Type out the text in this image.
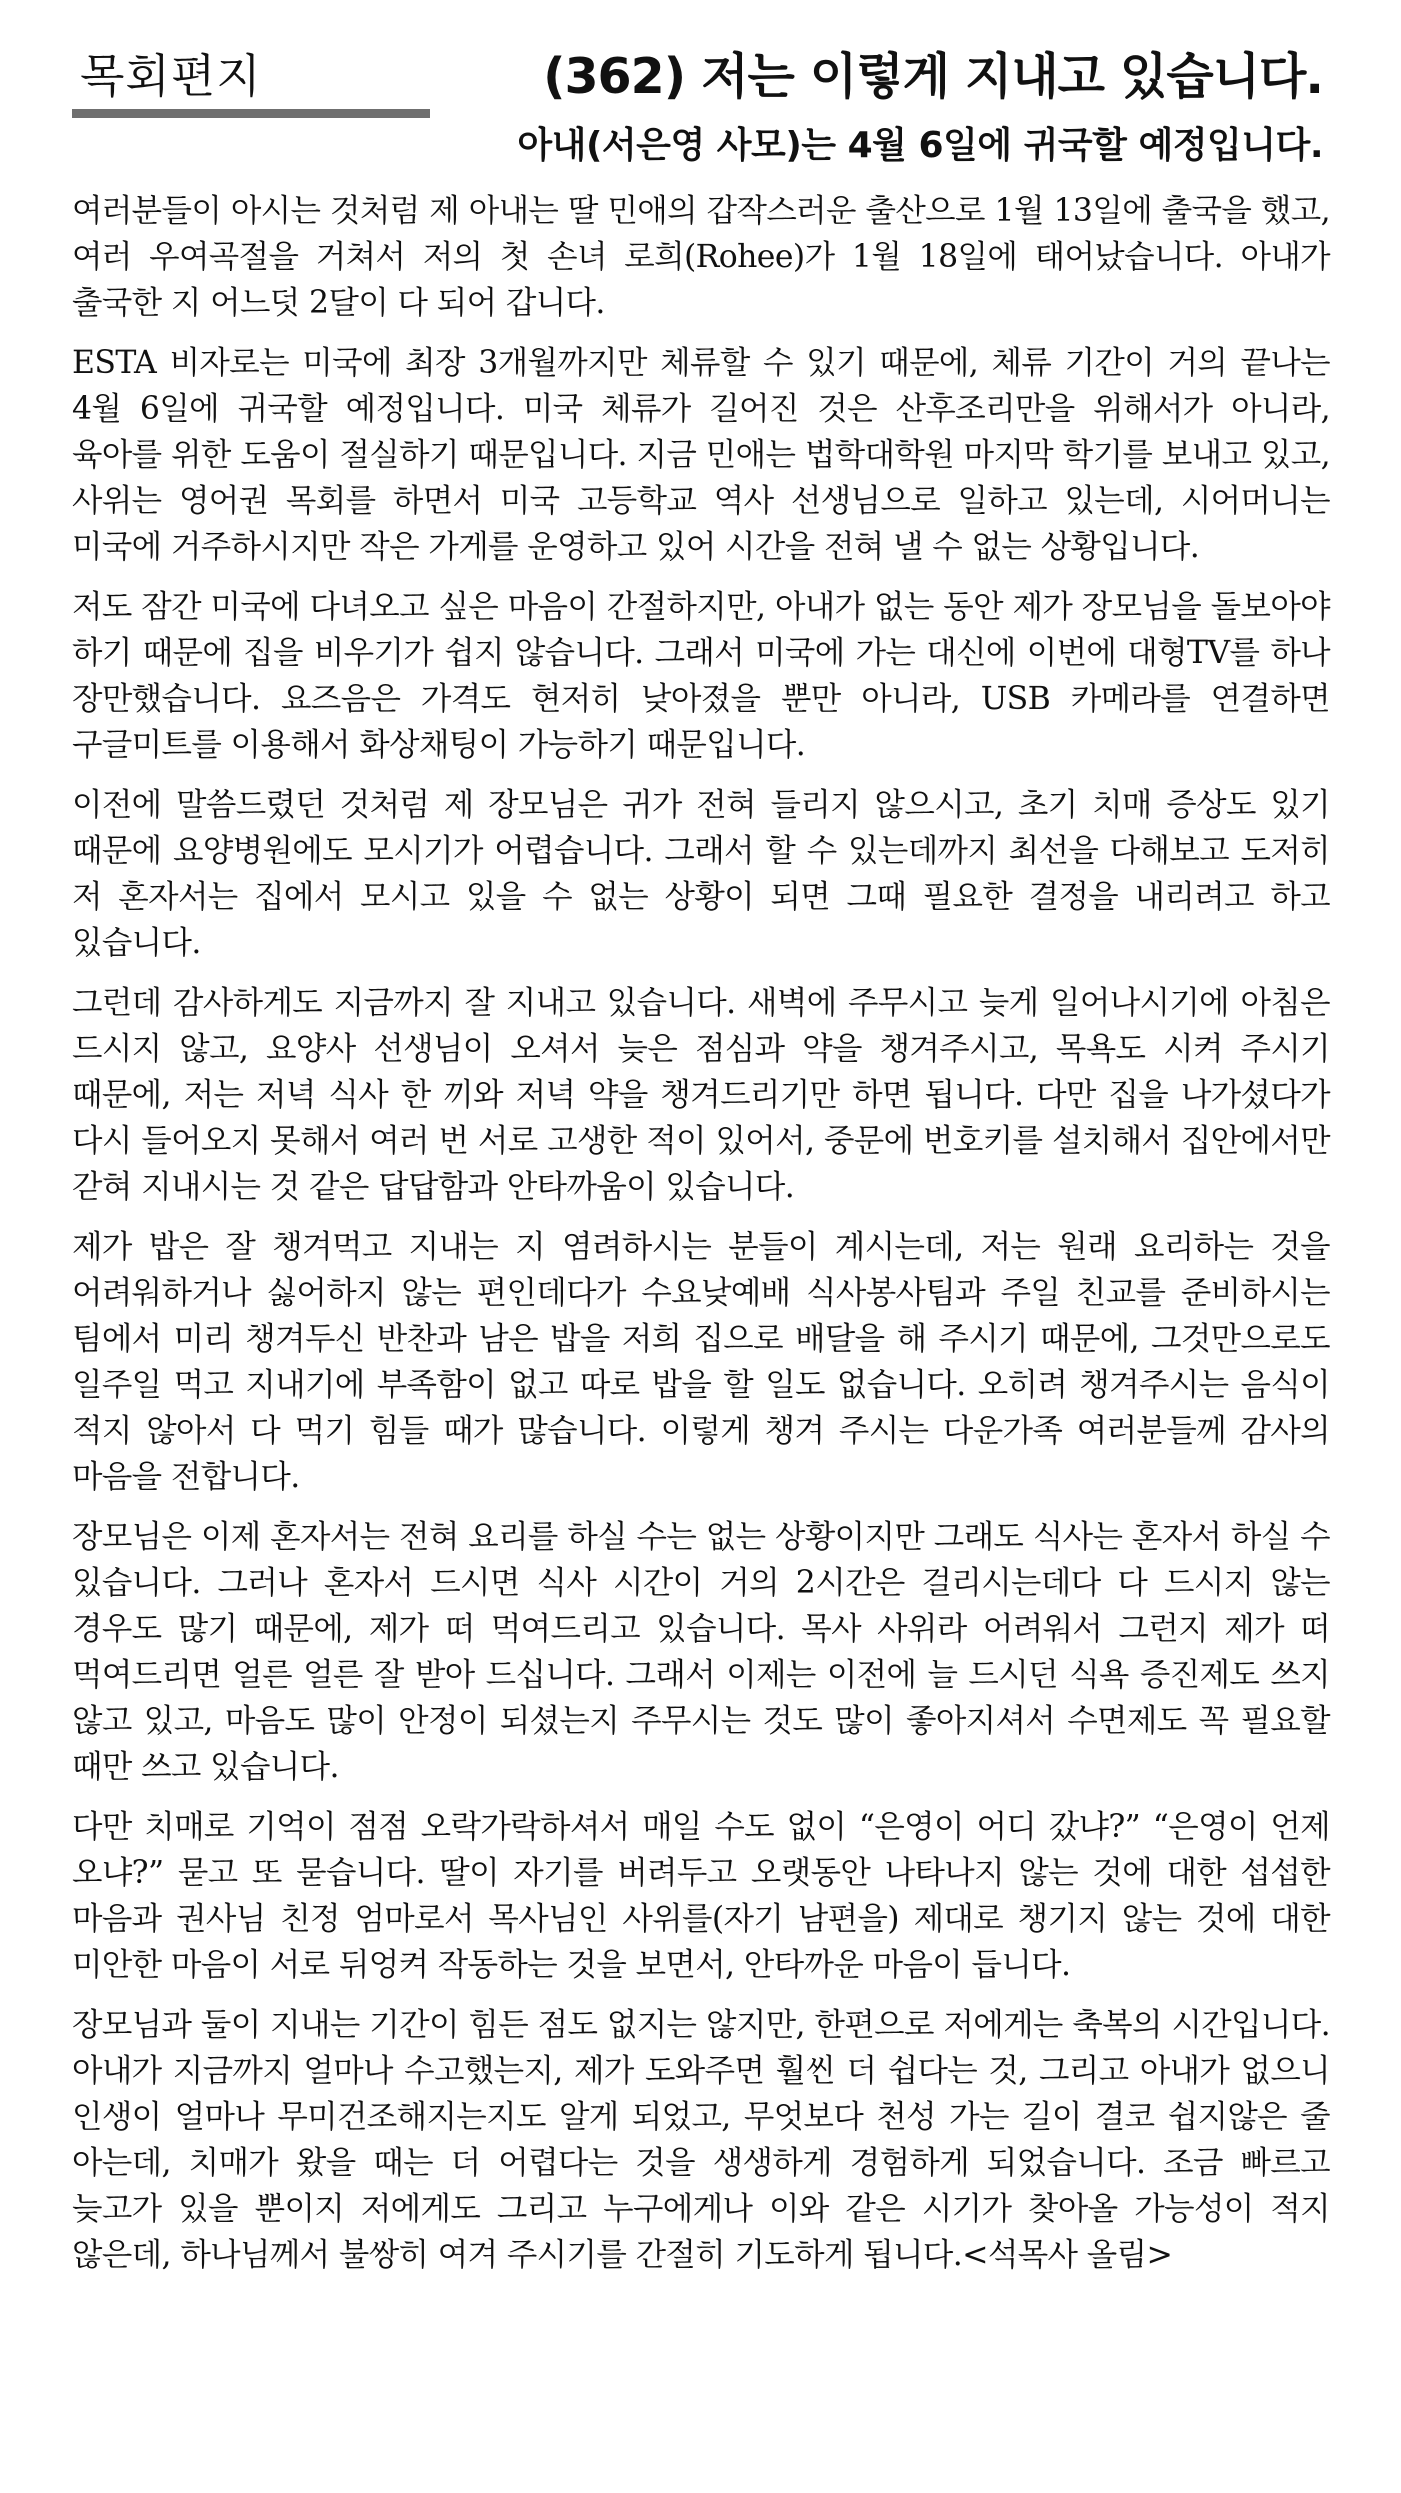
목회편지	(362) 저는 이렇게 지내고 있습니다.
아내(서은영 사모)는 4월 6일에 귀국할 예정입니다.

여러분들이 아시는 것처럼 제 아내는 딸 민애의 갑작스러운 출산으로 1월 13일에 출국을 했고, 여러 우여곡절을 거쳐서 저의 첫 손녀 로희(Rohee)가 1월 18일에 태어났습니다. 아내가 출국한 지 어느덧 2달이 다 되어 갑니다.

ESTA 비자로는 미국에 최장 3개월까지만 체류할 수 있기 때문에, 체류 기간이 거의 끝나는 4월 6일에 귀국할 예정입니다. 미국 체류가 길어진 것은 산후조리만을 위해서가 아니라, 육아를 위한 도움이 절실하기 때문입니다. 지금 민애는 법학대학원 마지막 학기를 보내고 있고, 사위는 영어권 목회를 하면서 미국 고등학교 역사 선생님으로 일하고 있는데, 시어머니는 미국에 거주하시지만 작은 가게를 운영하고 있어 시간을 전혀 낼 수 없는 상황입니다.

저도 잠간 미국에 다녀오고 싶은 마음이 간절하지만, 아내가 없는 동안 제가 장모님을 돌보아야 하기 때문에 집을 비우기가 쉽지 않습니다. 그래서 미국에 가는 대신에 이번에 대형TV를 하나 장만했습니다. 요즈음은 가격도 현저히 낮아졌을 뿐만 아니라, USB 카메라를 연결하면 구글미트를 이용해서 화상채팅이 가능하기 때문입니다.

이전에 말씀드렸던 것처럼 제 장모님은 귀가 전혀 들리지 않으시고, 초기 치매 증상도 있기 때문에 요양병원에도 모시기가 어렵습니다. 그래서 할 수 있는데까지 최선을 다해보고 도저히 저 혼자서는 집에서 모시고 있을 수 없는 상황이 되면 그때 필요한 결정을 내리려고 하고 있습니다.

그런데 감사하게도 지금까지 잘 지내고 있습니다. 새벽에 주무시고 늦게 일어나시기에 아침은 드시지 않고, 요양사 선생님이 오셔서 늦은 점심과 약을 챙겨주시고, 목욕도 시켜 주시기 때문에, 저는 저녁 식사 한 끼와 저녁 약을 챙겨드리기만 하면 됩니다. 다만 집을 나가셨다가 다시 들어오지 못해서 여러 번 서로 고생한 적이 있어서, 중문에 번호키를 설치해서 집안에서만 갇혀 지내시는 것 같은 답답함과 안타까움이 있습니다.

제가 밥은 잘 챙겨먹고 지내는 지 염려하시는 분들이 계시는데, 저는 원래 요리하는 것을 어려워하거나 싫어하지 않는 편인데다가 수요낮예배 식사봉사팀과 주일 친교를 준비하시는 팀에서 미리 챙겨두신 반찬과 남은 밥을 저희 집으로 배달을 해 주시기 때문에, 그것만으로도 일주일 먹고 지내기에 부족함이 없고 따로 밥을 할 일도 없습니다. 오히려 챙겨주시는 음식이 적지 않아서 다 먹기 힘들 때가 많습니다. 이렇게 챙겨 주시는 다운가족 여러분들께 감사의 마음을 전합니다.

장모님은 이제 혼자서는 전혀 요리를 하실 수는 없는 상황이지만 그래도 식사는 혼자서 하실 수 있습니다. 그러나 혼자서 드시면 식사 시간이 거의 2시간은 걸리시는데다 다 드시지 않는 경우도 많기 때문에, 제가 떠 먹여드리고 있습니다. 목사 사위라 어려워서 그런지 제가 떠 먹여드리면 얼른 얼른 잘 받아 드십니다. 그래서 이제는 이전에 늘 드시던 식욕 증진제도 쓰지 않고 있고, 마음도 많이 안정이 되셨는지 주무시는 것도 많이 좋아지셔서 수면제도 꼭 필요할 때만 쓰고 있습니다.

다만 치매로 기억이 점점 오락가락하셔서 매일 수도 없이 “은영이 어디 갔냐?” “은영이 언제 오냐?” 묻고 또 묻습니다. 딸이 자기를 버려두고 오랫동안 나타나지 않는 것에 대한 섭섭한 마음과 권사님 친정 엄마로서 목사님인 사위를(자기 남편을) 제대로 챙기지 않는 것에 대한 미안한 마음이 서로 뒤엉켜 작동하는 것을 보면서, 안타까운 마음이 듭니다.

장모님과 둘이 지내는 기간이 힘든 점도 없지는 않지만, 한편으로 저에게는 축복의 시간입니다. 아내가 지금까지 얼마나 수고했는지, 제가 도와주면 훨씬 더 쉽다는 것, 그리고 아내가 없으니 인생이 얼마나 무미건조해지는지도 알게 되었고, 무엇보다 천성 가는 길이 결코 쉽지않은 줄 아는데, 치매가 왔을 때는 더 어렵다는 것을 생생하게 경험하게 되었습니다. 조금 빠르고 늦고가 있을 뿐이지 저에게도 그리고 누구에게나 이와 같은 시기가 찾아올 가능성이 적지 않은데, 하나님께서 불쌍히 여겨 주시기를 간절히 기도하게 됩니다.<석목사 올림>
